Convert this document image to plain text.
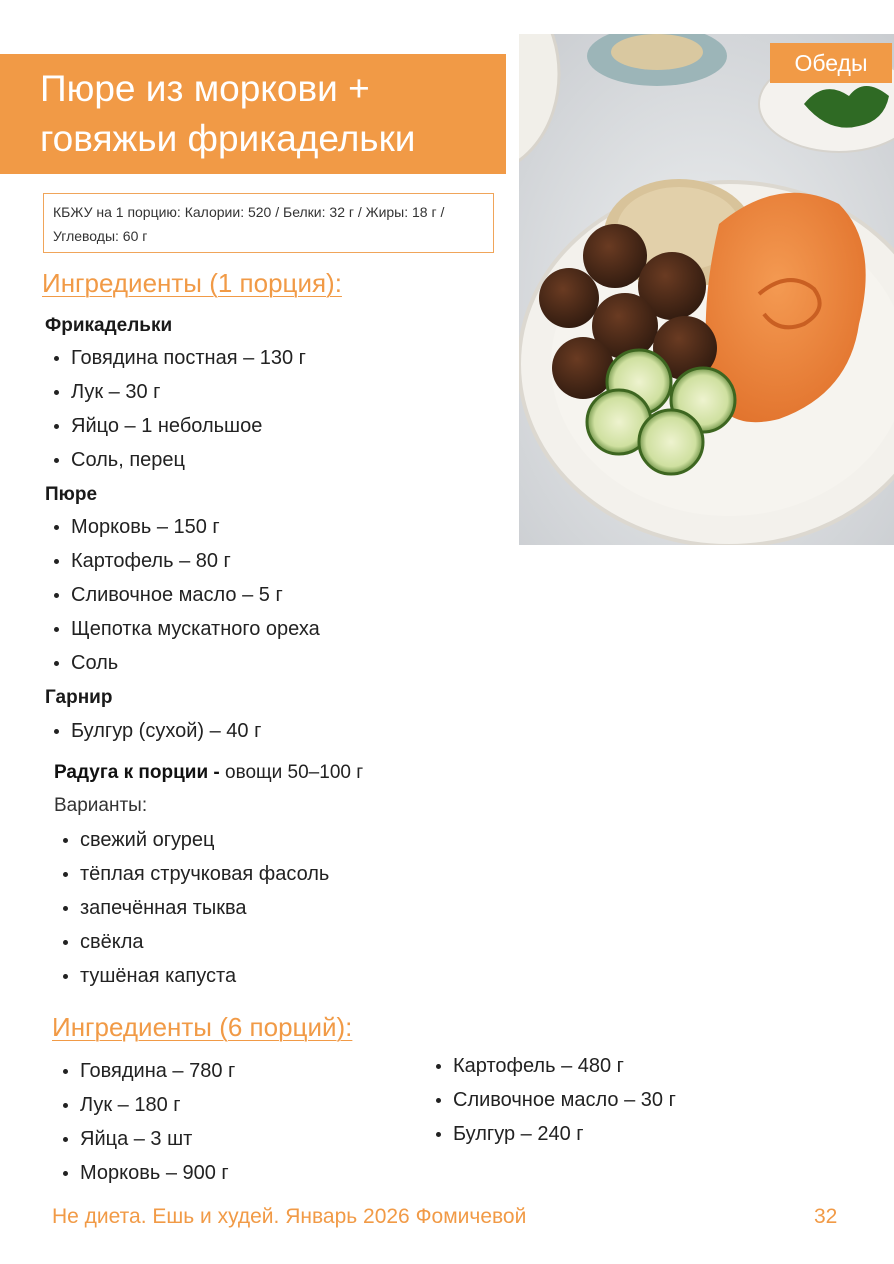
Пюре из моркови +
говяжьи фрикадельки
КБЖУ на 1 порцию: Калории: 520 / Белки: 32 г / Жиры: 18 г / Углеводы: 60 г
Ингредиенты (1 порция):
Фрикадельки
Говядина постная – 130 г
Лук – 30 г
Яйцо – 1 небольшое
Соль, перец
Пюре
Морковь – 150 г
Картофель – 80 г
Сливочное масло – 5 г
Щепотка мускатного ореха
Соль
Гарнир
Булгур (сухой) – 40 г
Радуга к порции - овощи 50–100 г
Варианты:
свежий огурец
тёплая стручковая фасоль
запечённая тыква
свёкла
тушёная капуста
Ингредиенты (6 порций):
Говядина – 780 г
Лук – 180 г
Яйца – 3 шт
Морковь – 900 г
Картофель – 480 г
Сливочное масло – 30 г
Булгур – 240 г
Обеды
Не диета. Ешь и худей. Январь 2026 Фомичевой	32
